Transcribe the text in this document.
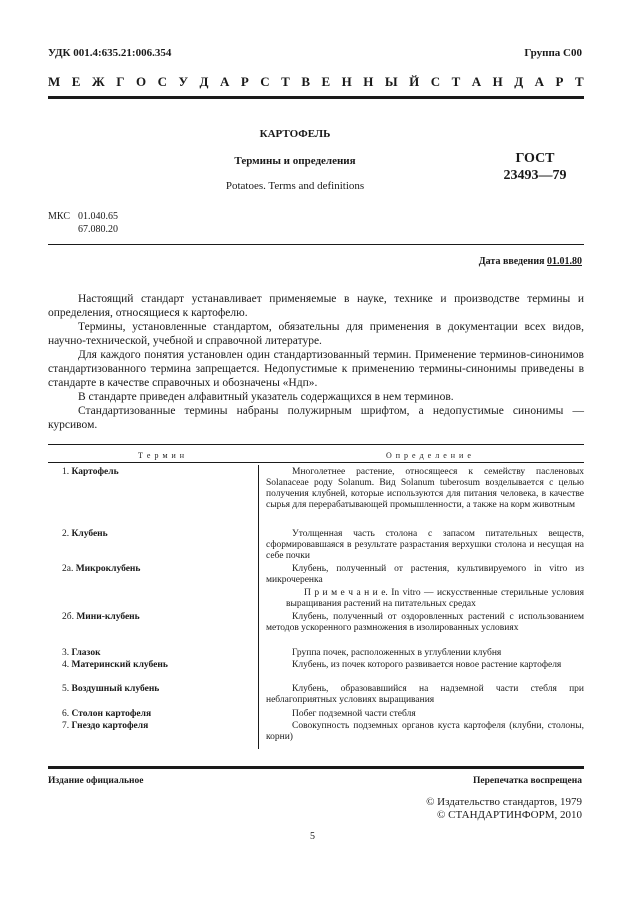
УДК 001.4:635.21:006.354	Группа С00
М Е Ж Г О С У Д А Р С Т В Е Н Н Ы Й С Т А Н Д А Р Т
КАРТОФЕЛЬ
Термины и определения
Potatoes. Terms and definitions
ГОСТ
23493—79
МКС 01.040.65
67.080.20
Дата введения 01.01.80

Настоящий стандарт устанавливает применяемые в науке, технике и производстве термины и определения, относящиеся к картофелю.

Термины, установленные стандартом, обязательны для применения в документации всех видов, научно-технической, учебной и справочной литературе.

Для каждого понятия установлен один стандартизованный термин. Применение терминов-синонимов стандартизованного термина запрещается. Недопустимые к применению термины-синонимы приведены в стандарте в качестве справочных и обозначены «Ндп».

В стандарте приведен алфавитный указатель содержащихся в нем терминов.

Стандартизованные термины набраны полужирным шрифтом, а недопустимые синонимы — курсивом.

Т е р м и н	О п р е д е л е н и е
1. Картофель	Многолетнее растение, относящееся к семейству пасленовых Solanaceae роду Solanum. Вид Solanum tuberosum возделывается с целью получения клубней, которые используются для питания человека, в качестве сырья для перерабатывающей промышленности, а также на корм животным
2. Клубень	Утолщенная часть столона с запасом питательных веществ, сформировавшаяся в результате разрастания верхушки столона и несущая на себе почки
2а. Микроклубень	Клубень, полученный от растения, культивируемого in vitro из микрочеренка
П р и м е ч а н и е. In vitro — искусственные стерильные условия выращивания растений на питательных средах
2б. Мини-клубень	Клубень, полученный от оздоровленных растений с использованием методов ускоренного размножения в изолированных условиях
3. Глазок	Группа почек, расположенных в углублении клубня
4. Материнский клубень	Клубень, из почек которого развивается новое растение картофеля
5. Воздушный клубень	Клубень, образовавшийся на надземной части стебля при неблагоприятных условиях выращивания
6. Столон картофеля	Побег подземной части стебля
7. Гнездо картофеля	Совокупность подземных органов куста картофеля (клубни, столоны, корни)
Издание официальное	Перепечатка воспрещена
© Издательство стандартов, 1979
© СТАНДАРТИНФОРМ, 2010
5
